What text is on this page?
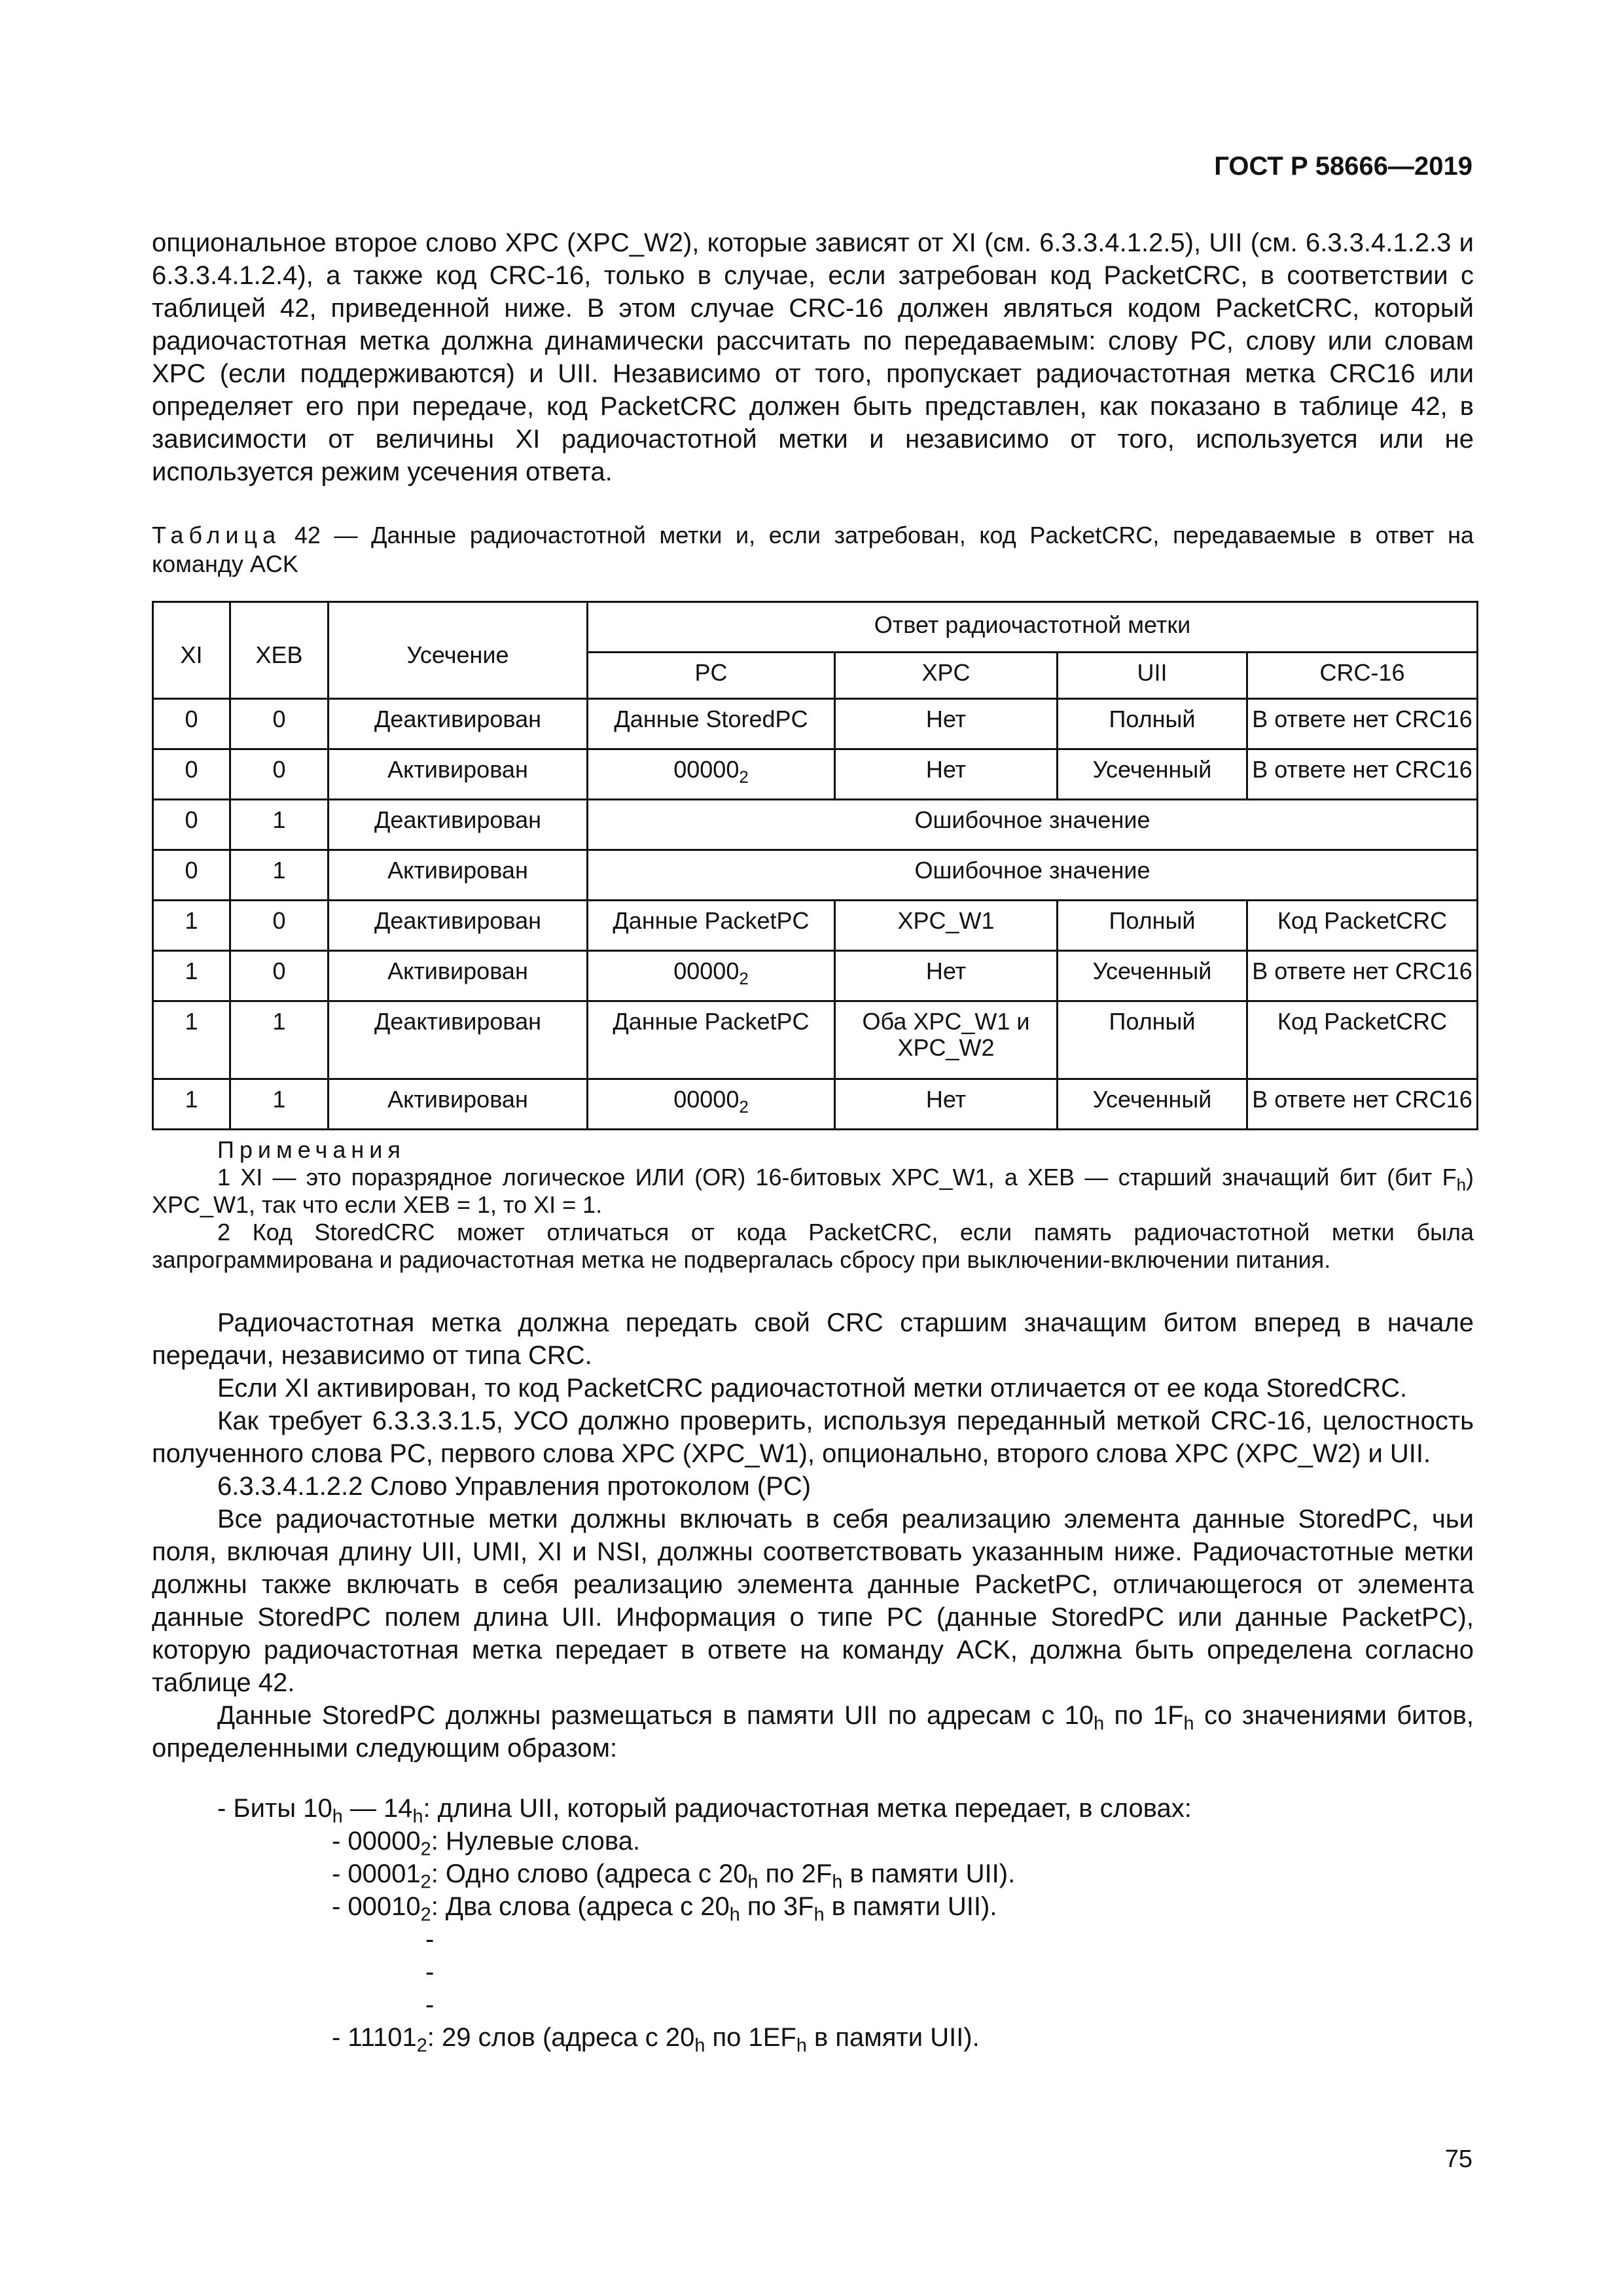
ГОСТ Р 58666—2019
опциональное второе слово XPC (XPC_W2), которые зависят от XI (см. 6.3.3.4.1.2.5), UII (см. 6.3.3.4.1.2.3 и 6.3.3.4.1.2.4), а также код CRC-16, только в случае, если затребован код PacketCRC, в соответствии с таблицей 42, приведенной ниже. В этом случае CRC-16 должен являться кодом PacketCRC, который радиочастотная метка должна динамически рассчитать по передаваемым: слову PC, слову или словам XPC (если поддерживаются) и UII. Независимо от того, пропускает радиочастотная метка CRC16 или определяет его при передаче, код PacketCRC должен быть представлен, как показано в таблице 42, в зависимости от величины XI радиочастотной метки и независимо от того, используется или не используется режим усечения ответа.
Таблица 42 — Данные радиочастотной метки и, если затребован, код PacketCRC, передаваемые в ответ на команду ACK
XI	XEB	Усечение	Ответ радиочастотной метки			
			PC	XPC	UII	CRC-16
0	0	Деактивирован	Данные StoredPC	Нет	Полный	В ответе нет CRC16
0	0	Активирован	$00000_2$	Нет	Усеченный	В ответе нет CRC16
0	1	Деактивирован	Ошибочное значение			
0	1	Активирован	Ошибочное значение			
1	0	Деактивирован	Данные PacketPC	XPC_W1	Полный	Код PacketCRC
1	0	Активирован	$00000_2$	Нет	Усеченный	В ответе нет CRC16
1	1	Деактивирован	Данные PacketPC	Оба XPC_W1 и XPC_W2	Полный	Код PacketCRC
1	1	Активирован	$00000_2$	Нет	Усеченный	В ответе нет CRC16

Примечания

1 XI — это поразрядное логическое ИЛИ (OR) 16-битовых XPC_W1, а XEB — старший значащий бит (бит $F_h$) XPC_W1, так что если XEB = 1, то XI = 1.

2 Код StoredCRC может отличаться от кода PacketCRC, если память радиочастотной метки была запрограммирована и радиочастотная метка не подвергалась сбросу при выключении-включении питания.

Радиочастотная метка должна передать свой CRC старшим значащим битом вперед в начале передачи, независимо от типа CRC.

Если XI активирован, то код PacketCRC радиочастотной метки отличается от ее кода StoredCRC.

Как требует 6.3.3.3.1.5, УСО должно проверить, используя переданный меткой CRC-16, целостность полученного слова PC, первого слова XPC (XPC_W1), опционально, второго слова XPC (XPC_W2) и UII.

6.3.3.4.1.2.2 Слово Управления протоколом (PC)

Все радиочастотные метки должны включать в себя реализацию элемента данные StoredPC, чьи поля, включая длину UII, UMI, XI и NSI, должны соответствовать указанным ниже. Радиочастотные метки должны также включать в себя реализацию элемента данные PacketPC, отличающегося от элемента данные StoredPC полем длина UII. Информация о типе PC (данные StoredPC или данные PacketPC), которую радиочастотная метка передает в ответе на команду ACK, должна быть определена согласно таблице 42.

Данные StoredPC должны размещаться в памяти UII по адресам с $10_h$ по $1F_h$ со значениями битов, определенными следующим образом:

- Биты $10_h$ — $14_h$: длина UII, который радиочастотная метка передает, в словах:

- $00000_2$: Нулевые слова.

- $00001_2$: Одно слово (адреса с $20_h$ по $2F_h$ в памяти UII).

- $00010_2$: Два слова (адреса с $20_h$ по $3F_h$ в памяти UII).

-

-

-

- $11101_2$: 29 слов (адреса с $20_h$ по $1EF_h$ в памяти UII).

75
